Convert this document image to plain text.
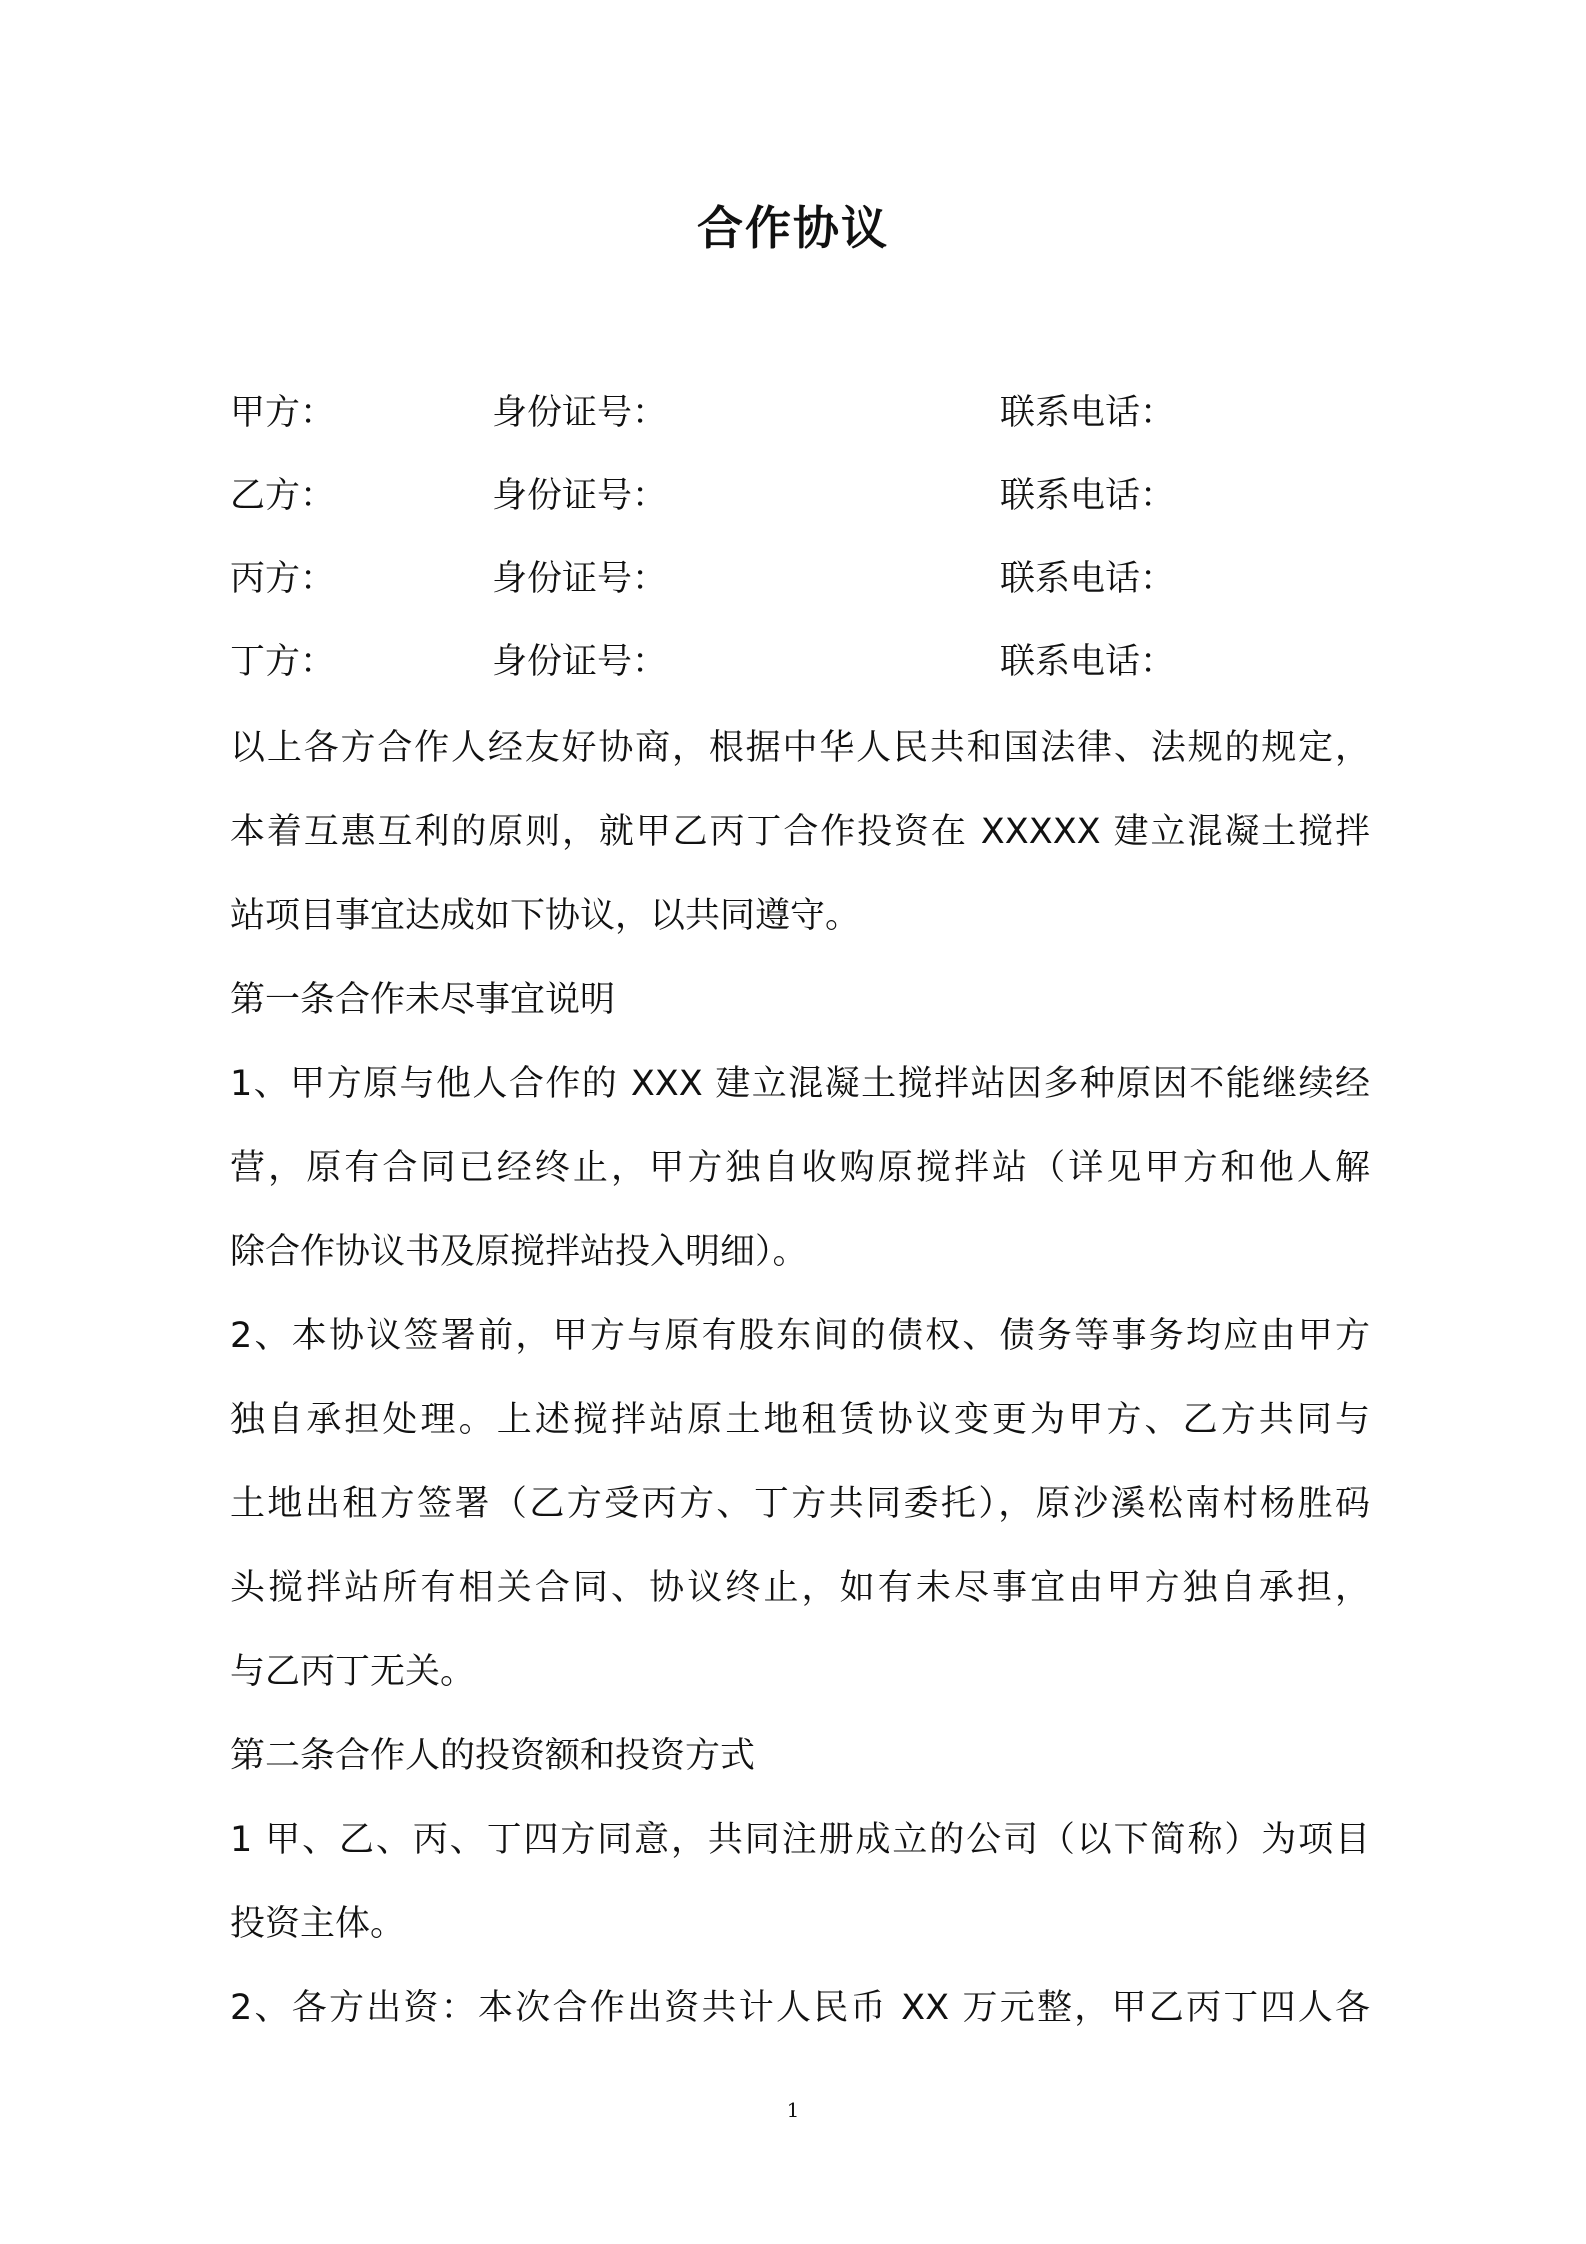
合作协议
甲方：	身份证号：	联系电话：
乙方：	身份证号：	联系电话：
丙方：	身份证号：	联系电话：
丁方：	身份证号：	联系电话：
以上各方合作人经友好协商，根据中华人民共和国法律、法规的规定，
本着互惠互利的原则，就甲乙丙丁合作投资在 XXXXX 建立混凝土搅拌
站项目事宜达成如下协议，以共同遵守。
第一条合作未尽事宜说明
1、甲方原与他人合作的 XXX 建立混凝土搅拌站因多种原因不能继续经
营，原有合同已经终止，甲方独自收购原搅拌站（详见甲方和他人解
除合作协议书及原搅拌站投入明细）。
2、本协议签署前，甲方与原有股东间的债权、债务等事务均应由甲方
独自承担处理。上述搅拌站原土地租赁协议变更为甲方、乙方共同与
土地出租方签署（乙方受丙方、丁方共同委托），原沙溪松南村杨胜码
头搅拌站所有相关合同、协议终止，如有未尽事宜由甲方独自承担，
与乙丙丁无关。
第二条合作人的投资额和投资方式
1 甲、乙、丙、丁四方同意，共同注册成立的公司（以下简称）为项目
投资主体。
2、各方出资：本次合作出资共计人民币 XX 万元整，甲乙丙丁四人各
1
